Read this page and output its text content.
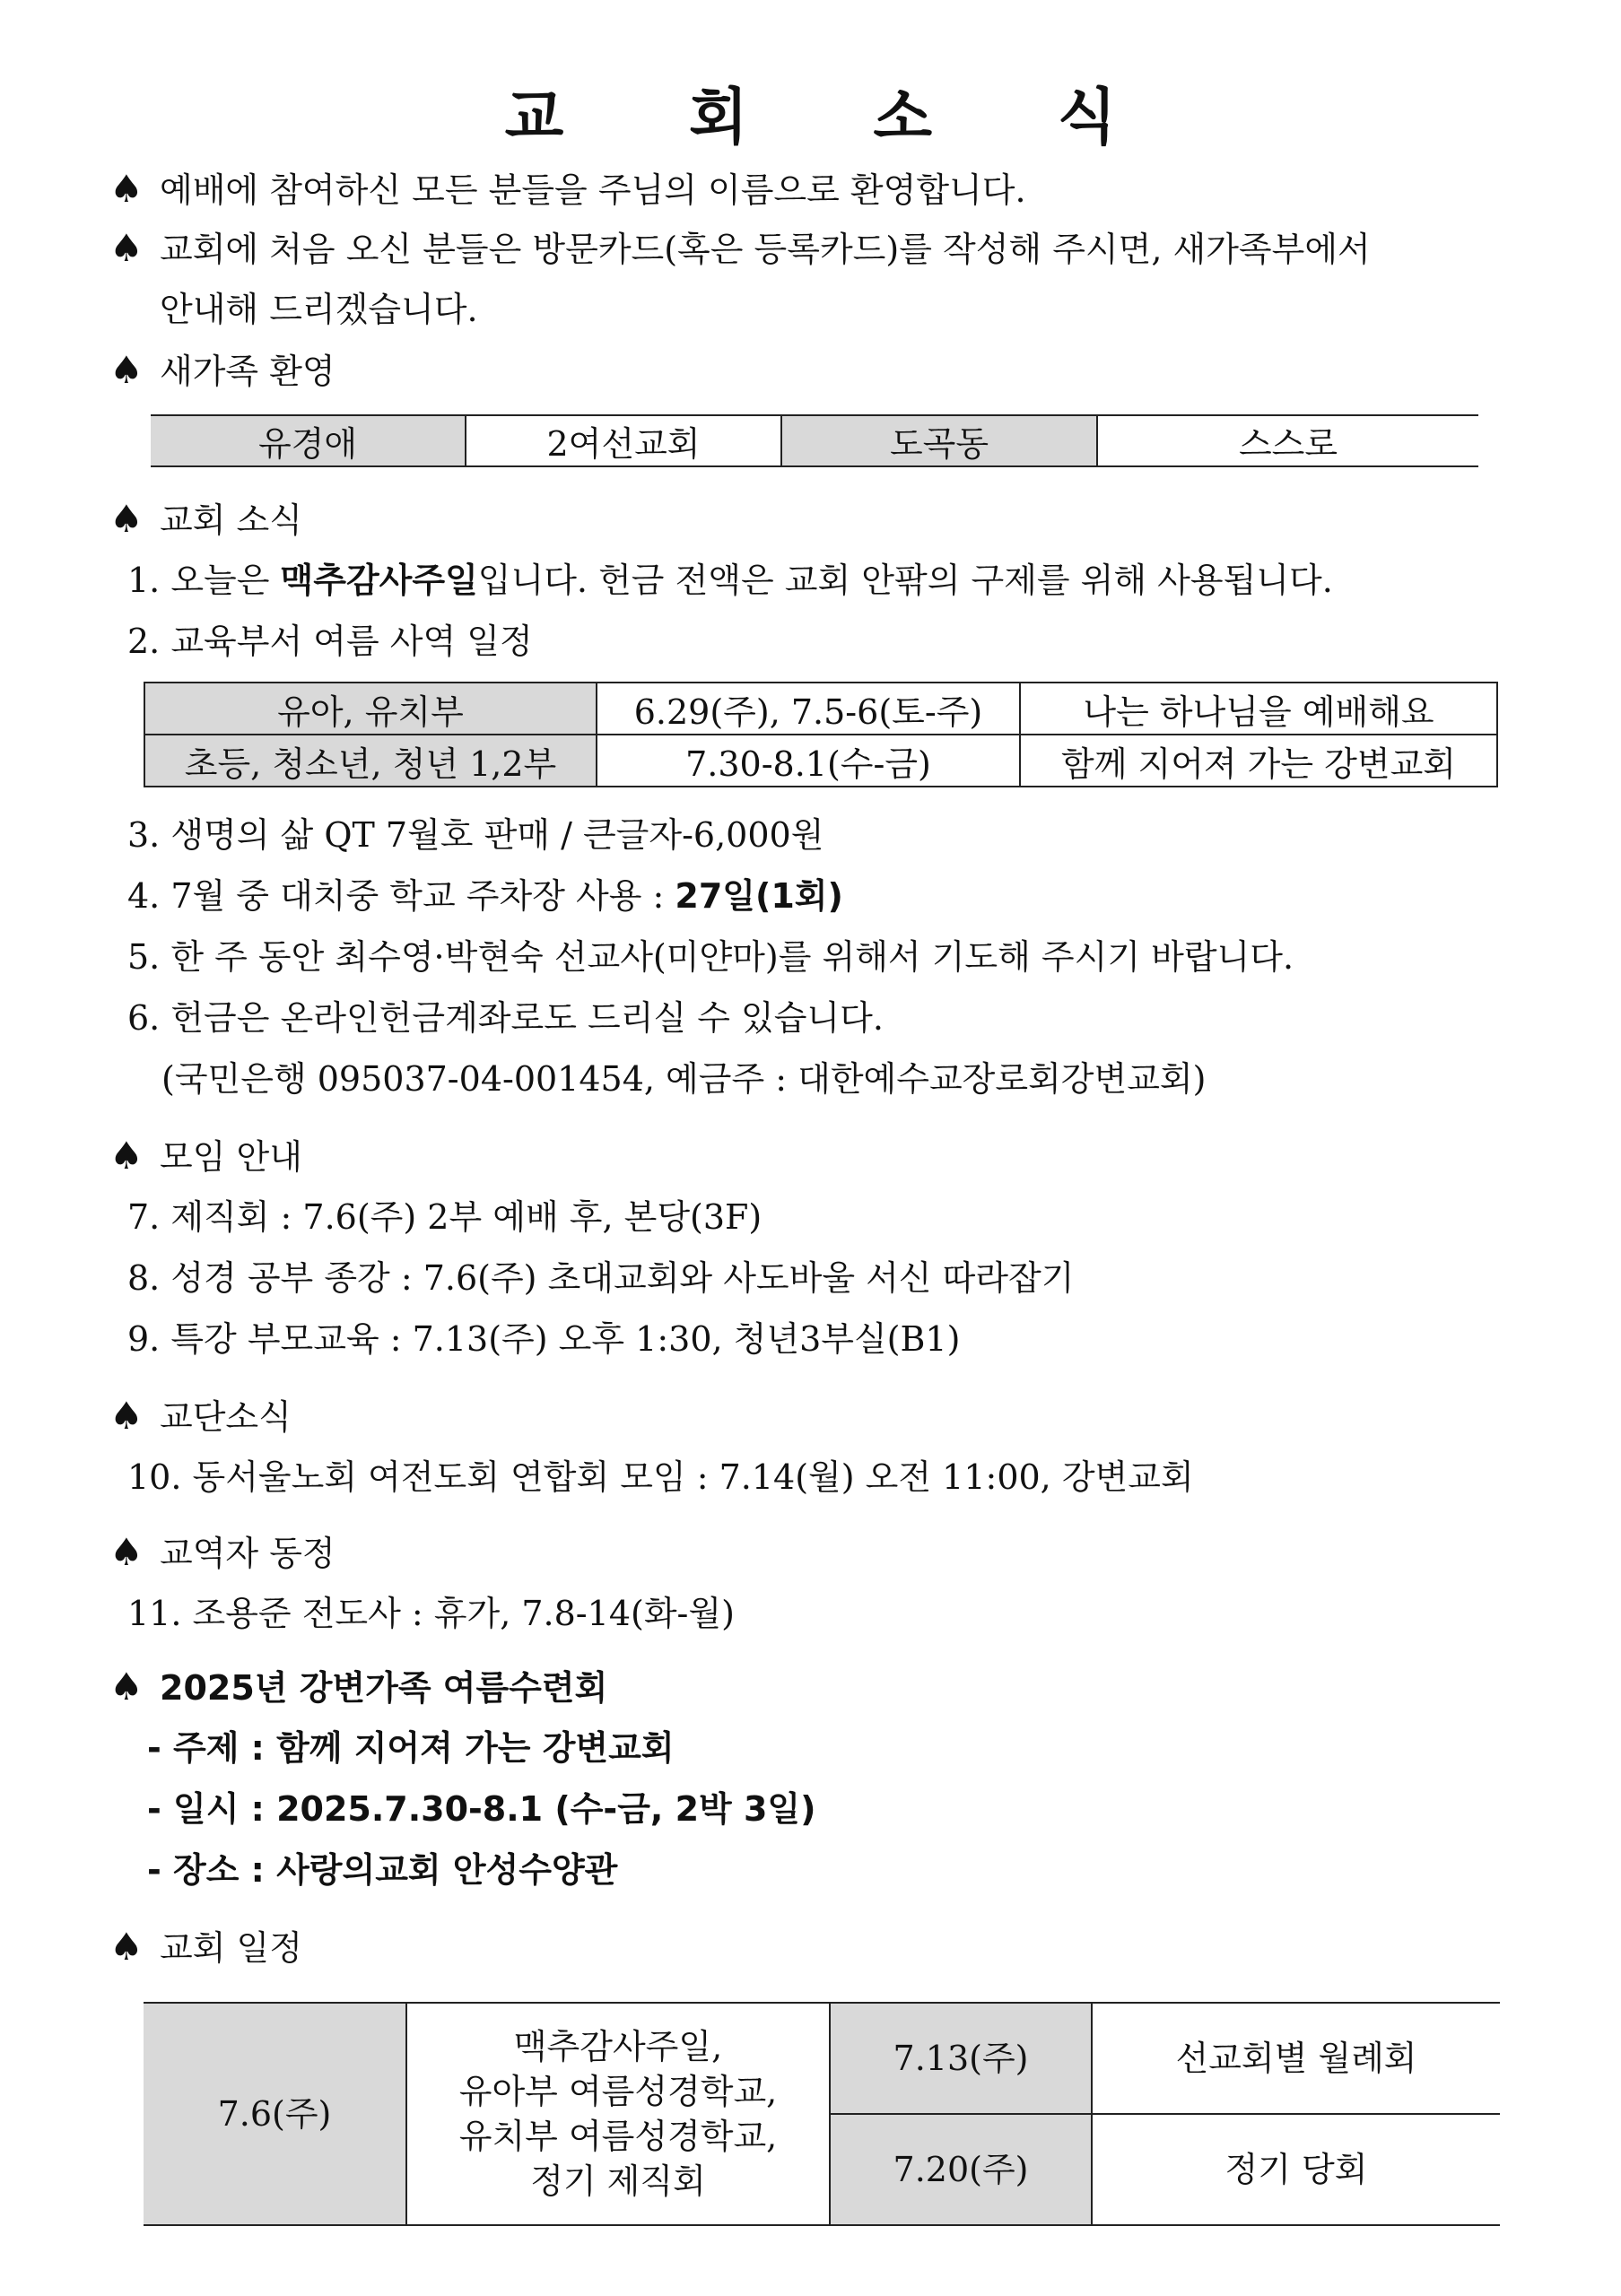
교 회 소 식
♠ 예배에 참여하신 모든 분들을 주님의 이름으로 환영합니다.
♠ 교회에 처음 오신 분들은 방문카드(혹은 등록카드)를 작성해 주시면, 새가족부에서
안내해 드리겠습니다.
♠ 새가족 환영
유경애	2여선교회	도곡동	스스로
♠ 교회 소식
1. 오늘은 맥추감사주일입니다. 헌금 전액은 교회 안팎의 구제를 위해 사용됩니다.
2. 교육부서 여름 사역 일정
유아, 유치부	6.29(주), 7.5-6(토-주)	나는 하나님을 예배해요
초등, 청소년, 청년 1,2부	7.30-8.1(수-금)	함께 지어져 가는 강변교회
3. 생명의 삶 QT 7월호 판매 / 큰글자-6,000원
4. 7월 중 대치중 학교 주차장 사용 : 27일(1회)
5. 한 주 동안 최수영·박현숙 선교사(미얀마)를 위해서 기도해 주시기 바랍니다.
6. 헌금은 온라인헌금계좌로도 드리실 수 있습니다.
(국민은행 095037-04-001454, 예금주 : 대한예수교장로회강변교회)
♠ 모임 안내
7. 제직회 : 7.6(주) 2부 예배 후, 본당(3F)
8. 성경 공부 종강 : 7.6(주) 초대교회와 사도바울 서신 따라잡기
9. 특강 부모교육 : 7.13(주) 오후 1:30, 청년3부실(B1)
♠ 교단소식
10. 동서울노회 여전도회 연합회 모임 : 7.14(월) 오전 11:00, 강변교회
♠ 교역자 동정
11. 조용준 전도사 : 휴가, 7.8-14(화-월)
♠ 2025년 강변가족 여름수련회
- 주제 : 함께 지어져 가는 강변교회
- 일시 : 2025.7.30-8.1 (수-금, 2박 3일)
- 장소 : 사랑의교회 안성수양관
♠ 교회 일정
7.6(주)	맥추감사주일,
유아부 여름성경학교,
유치부 여름성경학교,
정기 제직회	7.13(주)	선교회별 월례회
		7.20(주)	정기 당회
